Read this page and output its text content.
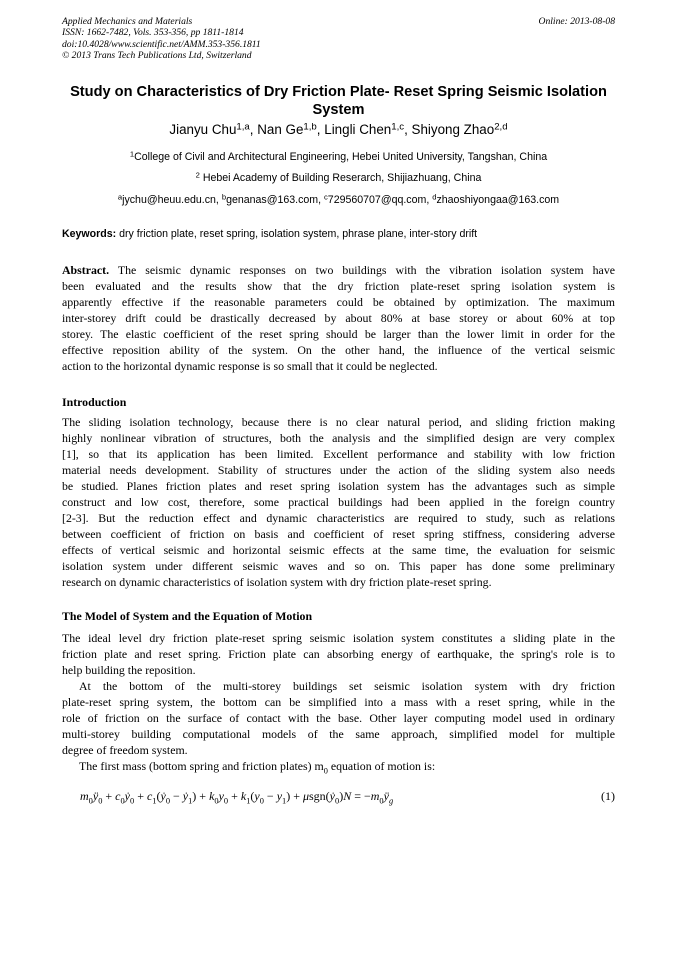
Applied Mechanics and Materials
ISSN: 1662-7482, Vols. 353-356, pp 1811-1814
doi:10.4028/www.scientific.net/AMM.353-356.1811
© 2013 Trans Tech Publications Ltd, Switzerland
Online: 2013-08-08
Study on Characteristics of Dry Friction Plate- Reset Spring Seismic Isolation System
Jianyu Chu$^{1,a}$, Nan Ge$^{1,b}$, Lingli Chen$^{1,c}$, Shiyong Zhao$^{2,d}$
$^1$College of Civil and Architectural Engineering, Hebei United University, Tangshan, China
$^2$ Hebei Academy of Building Reserarch, Shijiazhuang, China
$^a$jychu@heuu.edu.cn, $^b$genanas@163.com, $^c$729560707@qq.com, $^d$zhaoshiyongaa@163.com
Keywords: dry friction plate, reset spring, isolation system, phrase plane, inter-story drift
Abstract. The seismic dynamic responses on two buildings with the vibration isolation system have
been evaluated and the results show that the dry friction plate-reset spring isolation system is
apparently effective if the reasonable parameters could be obtained by optimization. The maximum
inter-storey drift could be drastically decreased by about 80% at base storey or about 60% at top
storey. The elastic coefficient of the reset spring should be larger than the lower limit in order for the
effective reposition ability of the system. On the other hand, the influence of the vertical seismic
action to the horizontal dynamic response is so small that it could be neglected.
Introduction
The sliding isolation technology, because there is no clear natural period, and sliding friction making
highly nonlinear vibration of structures, both the analysis and the simplified design are very complex
[1], so that its application has been limited. Excellent performance and stability with low friction
material needs development. Stability of structures under the action of the sliding system also needs
be studied. Planes friction plates and reset spring isolation system has the advantages such as simple
construct and low cost, therefore, some practical buildings had been applied in the foreign country
[2-3]. But the reduction effect and dynamic characteristics are required to study, such as relations
between coefficient of friction on basis and coefficient of reset spring stiffness, considering adverse
effects of vertical seismic and horizontal seismic effects at the same time, the evaluation for seismic
isolation system under different seismic waves and so on. This paper has done some preliminary
research on dynamic characteristics of isolation system with dry friction plate-reset spring.
The Model of System and the Equation of Motion
The ideal level dry friction plate-reset spring seismic isolation system constitutes a sliding plate in the
friction plate and reset spring. Friction plate can absorbing energy of earthquake, the spring's role is to
help building the reposition.
At the bottom of the multi-storey buildings set seismic isolation system with dry friction
plate-reset spring system, the bottom can be simplified into a mass with a reset spring, while in the
role of friction on the surface of contact with the base. Other layer computing model used in ordinary
multi-storey building computational models of the same approach, simplified model for multiple
degree of freedom system.
The first mass (bottom spring and friction plates) $m_0$ equation of motion is:
$m_0ÿ_0$ + $c_0ẏ_0$ + $c_1(ẏ_0$ − ẏ$_1$) + $k_0y_0 + k_1(y_0 - y_1)$ + μsgn(ẏ$_0$)N = $-m_0ÿ_g$	(1)
